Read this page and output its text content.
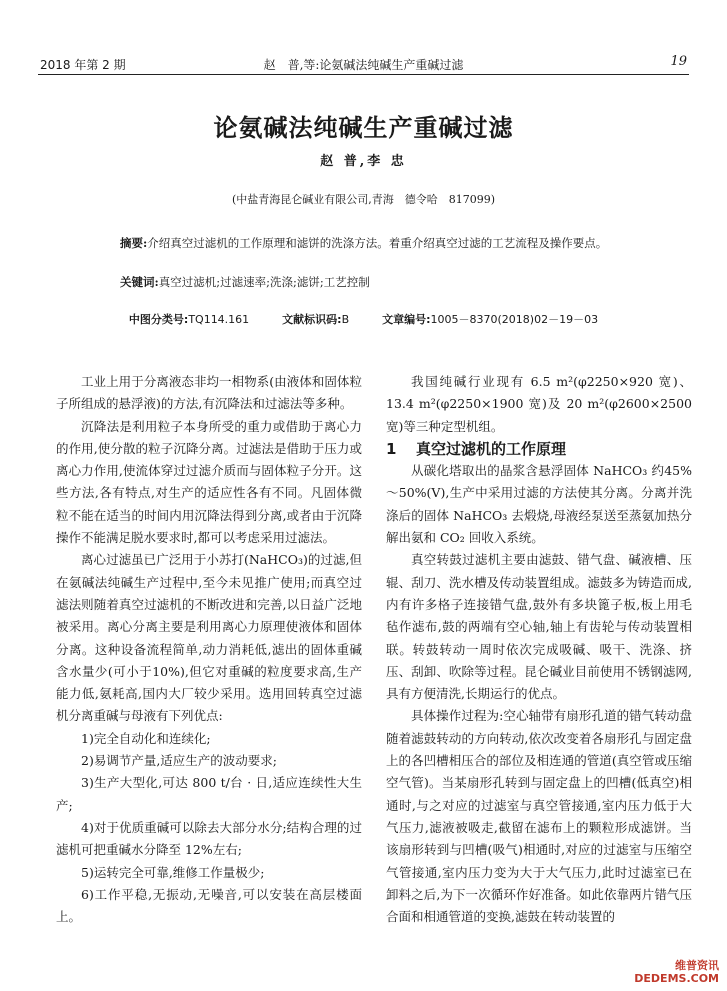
2018 年第 2 期	赵　普,等:论氨碱法纯碱生产重碱过滤	19
论氨碱法纯碱生产重碱过滤
赵 普,李 忠
(中盐青海昆仑碱业有限公司,青海　德令哈　817099)
摘要:介绍真空过滤机的工作原理和滤饼的洗涤方法。着重介绍真空过滤的工艺流程及操作要点。
关键词:真空过滤机;过滤速率;洗涤;滤饼;工艺控制
中图分类号:TQ114.161	文献标识码:B	文章编号:1005－8370(2018)02－19－03

工业上用于分离液态非均一相物系(由液体和固体粒子所组成的悬浮液)的方法,有沉降法和过滤法等多种。

沉降法是利用粒子本身所受的重力或借助于离心力的作用,使分散的粒子沉降分离。过滤法是借助于压力或离心力作用,使流体穿过过滤介质而与固体粒子分开。这些方法,各有特点,对生产的适应性各有不同。凡固体微粒不能在适当的时间内用沉降法得到分离,或者由于沉降操作不能满足脱水要求时,都可以考虑采用过滤法。

离心过滤虽已广泛用于小苏打(NaHCO₃)的过滤,但在氨碱法纯碱生产过程中,至今未见推广使用;而真空过滤法则随着真空过滤机的不断改进和完善,以日益广泛地被采用。离心分离主要是利用离心力原理使液体和固体分离。这种设备流程简单,动力消耗低,滤出的固体重碱含水量少(可小于10%),但它对重碱的粒度要求高,生产能力低,氨耗高,国内大厂较少采用。选用回转真空过滤机分离重碱与母液有下列优点:

1)完全自动化和连续化;

2)易调节产量,适应生产的波动要求;

3)生产大型化,可达 800 t/台 · 日,适应连续性大生产;

4)对于优质重碱可以除去大部分水分;结构合理的过滤机可把重碱水分降至 12%左右;

5)运转完全可靠,维修工作量极少;

6)工作平稳,无振动,无噪音,可以安装在高层楼面上。

我国纯碱行业现有 6.5 m²(φ2250×920 宽)、13.4 m²(φ2250×1900 宽)及 20 m²(φ2600×2500 宽)等三种定型机组。

1 真空过滤机的工作原理

从碳化塔取出的晶浆含悬浮固体 NaHCO₃ 约45%～50%(V),生产中采用过滤的方法使其分离。分离并洗涤后的固体 NaHCO₃ 去煅烧,母液经泵送至蒸氨加热分解出氨和 CO₂ 回收入系统。

真空转鼓过滤机主要由滤鼓、错气盘、碱液槽、压辊、刮刀、洗水槽及传动装置组成。滤鼓多为铸造而成,内有许多格子连接错气盘,鼓外有多块篦子板,板上用毛毡作滤布,鼓的两端有空心轴,轴上有齿轮与传动装置相联。转鼓转动一周时依次完成吸碱、吸干、洗涤、挤压、刮卸、吹除等过程。昆仑碱业目前使用不锈钢滤网,具有方便清洗,长期运行的优点。

具体操作过程为:空心轴带有扇形孔道的错气转动盘随着滤鼓转动的方向转动,依次改变着各扇形孔与固定盘上的各凹槽相压合的部位及相连通的管道(真空管或压缩空气管)。当某扇形孔转到与固定盘上的凹槽(低真空)相通时,与之对应的过滤室与真空管接通,室内压力低于大气压力,滤液被吸走,截留在滤布上的颗粒形成滤饼。当该扇形转到与凹槽(吸气)相通时,对应的过滤室与压缩空气管接通,室内压力变为大于大气压力,此时过滤室已在卸料之后,为下一次循环作好准备。如此依靠两片错气压合面和相通管道的变换,滤鼓在转动装置的

维普资讯
DEDEMS.COM
